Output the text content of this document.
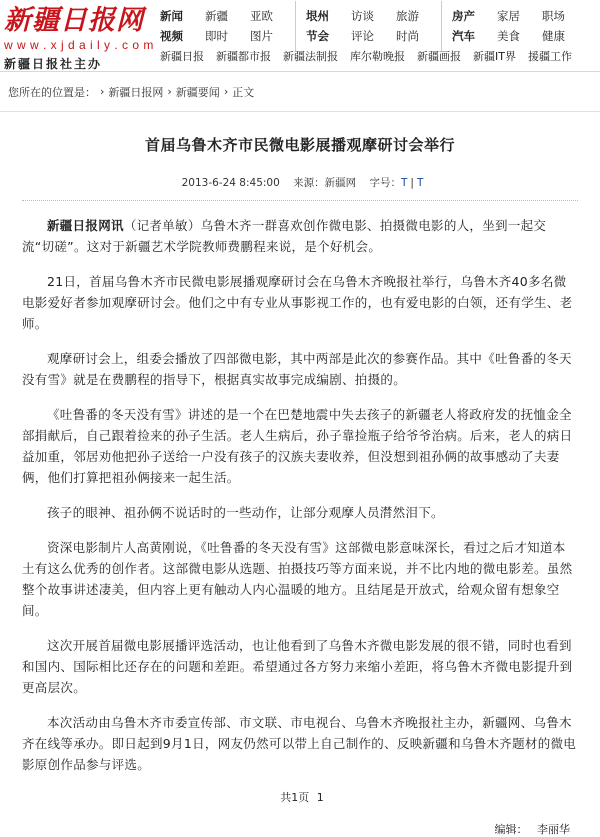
新疆日报网
w w w . x j d a i l y . c o m
新疆日报社主办
新闻	新疆	亚欧	垠州	访谈	旅游	房产	家居	职场
视频	即时	图片	节会	评论	时尚	汽车	美食	健康
新疆日报 新疆都市报 新疆法制报 库尔勒晚报 新疆画报 新疆IT界 援疆工作
您所在的位置是： › 新疆日报网 › 新疆要闻 › 正文
首届乌鲁木齐市民微电影展播观摩研讨会举行
2013-6-24 8:45:00 来源：新疆网 字号：T | T

新疆日报网讯（记者单敏）乌鲁木齐一群喜欢创作微电影、拍摄微电影的人，坐到一起交流“切磋”。这对于新疆艺术学院教师费鹏程来说，是个好机会。

21日，首届乌鲁木齐市民微电影展播观摩研讨会在乌鲁木齐晚报社举行，乌鲁木齐40多名微电影爱好者参加观摩研讨会。他们之中有专业从事影视工作的，也有爱电影的白领，还有学生、老师。

观摩研讨会上，组委会播放了四部微电影，其中两部是此次的参赛作品。其中《吐鲁番的冬天没有雪》就是在费鹏程的指导下，根据真实故事完成编剧、拍摄的。

《吐鲁番的冬天没有雪》讲述的是一个在巴楚地震中失去孩子的新疆老人将政府发的抚恤金全部捐献后，自己跟着捡来的孙子生活。老人生病后，孙子靠捡瓶子给爷爷治病。后来，老人的病日益加重，邻居劝他把孙子送给一户没有孩子的汉族夫妻收养，但没想到祖孙俩的故事感动了夫妻俩，他们打算把祖孙俩接来一起生活。

孩子的眼神、祖孙俩不说话时的一些动作，让部分观摩人员潸然泪下。

资深电影制片人高黄刚说，《吐鲁番的冬天没有雪》这部微电影意味深长，看过之后才知道本土有这么优秀的创作者。这部微电影从选题、拍摄技巧等方面来说，并不比内地的微电影差。虽然整个故事讲述凄美，但内容上更有触动人内心温暖的地方。且结尾是开放式，给观众留有想象空间。

这次开展首届微电影展播评选活动，也让他看到了乌鲁木齐微电影发展的很不错，同时也看到和国内、国际相比还存在的问题和差距。希望通过各方努力来缩小差距，将乌鲁木齐微电影提升到更高层次。

本次活动由乌鲁木齐市委宣传部、市文联、市电视台、乌鲁木齐晚报社主办，新疆网、乌鲁木齐在线等承办。即日起到9月1日，网友仍然可以带上自己制作的、反映新疆和乌鲁木齐题材的微电影原创作品参与评选。

共1页 1
编辑： 李丽华
